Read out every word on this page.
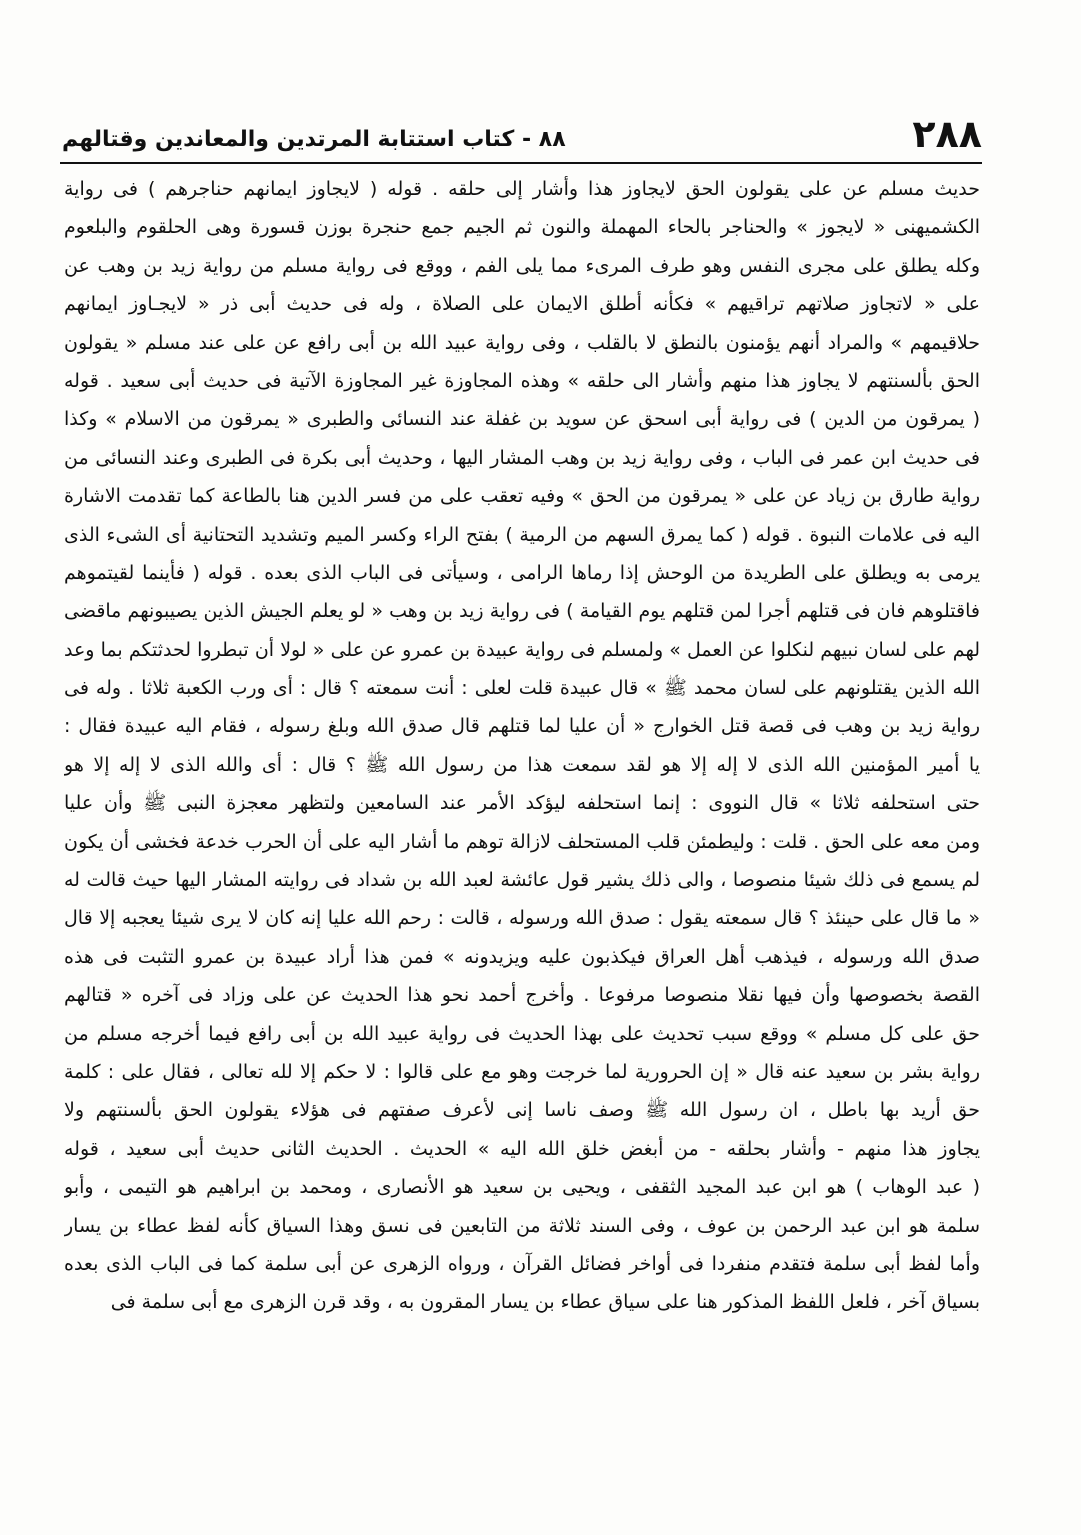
٢٨٨
٨٨ - كتاب استتابة المرتدين والمعاندين وقتالهم
حديث مسلم عن على يقولون الحق لايجاوز هذا وأشار إلى حلقه . قوله ( لايجاوز ايمانهم حناجرهم ) فى رواية
الكشميهنى « لايجوز » والحناجر بالحاء المهملة والنون ثم الجيم جمع حنجرة بوزن قسورة وهى الحلقوم والبلعوم
وكله يطلق على مجرى النفس وهو طرف المرىء مما يلى الفم ، ووقع فى رواية مسلم من رواية زيد بن وهب عن
على « لاتجاوز صلاتهم تراقيهم » فكأنه أطلق الايمان على الصلاة ، وله فى حديث أبى ذر « لايجـاوز ايمانهم
حلاقيمهم » والمراد أنهم يؤمنون بالنطق لا بالقلب ، وفى رواية عبيد الله بن أبى رافع عن على عند مسلم « يقولون
الحق بألسنتهم لا يجاوز هذا منهم وأشار الى حلقه » وهذه المجاوزة غير المجاوزة الآتية فى حديث أبى سعيد . قوله
( يمرقون من الدين ) فى رواية أبى اسحق عن سويد بن غفلة عند النسائى والطبرى « يمرقون من الاسلام » وكذا
فى حديث ابن عمر فى الباب ، وفى رواية زيد بن وهب المشار اليها ، وحديث أبى بكرة فى الطبرى وعند النسائى من
رواية طارق بن زياد عن على « يمرقون من الحق » وفيه تعقب على من فسر الدين هنا بالطاعة كما تقدمت الاشارة
اليه فى علامات النبوة . قوله ( كما يمرق السهم من الرمية ) بفتح الراء وكسر الميم وتشديد التحتانية أى الشىء الذى
يرمى به ويطلق على الطريدة من الوحش إذا رماها الرامى ، وسيأتى فى الباب الذى بعده . قوله ( فأينما لقيتموهم
فاقتلوهم فان فى قتلهم أجرا لمن قتلهم يوم القيامة ) فى رواية زيد بن وهب « لو يعلم الجيش الذين يصيبونهم ماقضى
لهم على لسان نبيهم لنكلوا عن العمل » ولمسلم فى رواية عبيدة بن عمرو عن على « لولا أن تبطروا لحدثتكم بما وعد
الله الذين يقتلونهم على لسان محمد ﷺ » قال عبيدة قلت لعلى : أنت سمعته ؟ قال : أى ورب الكعبة ثلاثا . وله فى
رواية زيد بن وهب فى قصة قتل الخوارج « أن عليا لما قتلهم قال صدق الله وبلغ رسوله ، فقام اليه عبيدة فقال :
يا أمير المؤمنين الله الذى لا إله إلا هو لقد سمعت هذا من رسول الله ﷺ ؟ قال : أى والله الذى لا إله إلا هو
حتى استحلفه ثلاثا » قال النووى : إنما استحلفه ليؤكد الأمر عند السامعين ولتظهر معجزة النبى ﷺ وأن عليا
ومن معه على الحق . قلت : وليطمئن قلب المستحلف لازالة توهم ما أشار اليه على أن الحرب خدعة فخشى أن يكون
لم يسمع فى ذلك شيئا منصوصا ، والى ذلك يشير قول عائشة لعبد الله بن شداد فى روايته المشار اليها حيث قالت له
« ما قال على حينئذ ؟ قال سمعته يقول : صدق الله ورسوله ، قالت : رحم الله عليا إنه كان لا يرى شيئا يعجبه إلا قال
صدق الله ورسوله ، فيذهب أهل العراق فيكذبون عليه ويزيدونه » فمن هذا أراد عبيدة بن عمرو التثبت فى هذه
القصة بخصوصها وأن فيها نقلا منصوصا مرفوعا . وأخرج أحمد نحو هذا الحديث عن على وزاد فى آخره « قتالهم
حق على كل مسلم » ووقع سبب تحديث على بهذا الحديث فى رواية عبيد الله بن أبى رافع فيما أخرجه مسلم من
رواية بشر بن سعيد عنه قال « إن الحرورية لما خرجت وهو مع على قالوا : لا حكم إلا لله تعالى ، فقال على : كلمة
حق أريد بها باطل ، ان رسول الله ﷺ وصف ناسا إنى لأعرف صفتهم فى هؤلاء يقولون الحق بألسنتهم ولا
يجاوز هذا منهم - وأشار بحلقه - من أبغض خلق الله اليه » الحديث . الحديث الثانى حديث أبى سعيد ، قوله
( عبد الوهاب ) هو ابن عبد المجيد الثقفى ، ويحيى بن سعيد هو الأنصارى ، ومحمد بن ابراهيم هو التيمى ، وأبو
سلمة هو ابن عبد الرحمن بن عوف ، وفى السند ثلاثة من التابعين فى نسق وهذا السياق كأنه لفظ عطاء بن يسار
وأما لفظ أبى سلمة فتقدم منفردا فى أواخر فضائل القرآن ، ورواه الزهرى عن أبى سلمة كما فى الباب الذى بعده
بسياق آخر ، فلعل اللفظ المذكور هنا على سياق عطاء بن يسار المقرون به ، وقد قرن الزهرى مع أبى سلمة فى
